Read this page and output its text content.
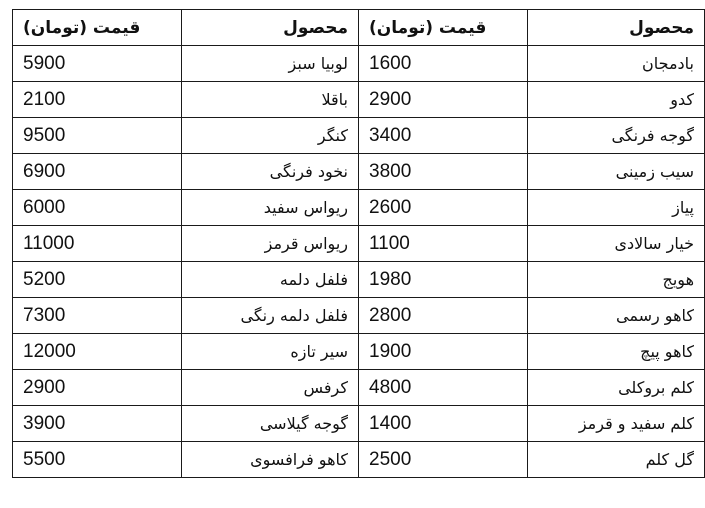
محصول	قیمت (تومان)	محصول	قیمت (تومان)
بادمجان	1600	لوبیا سبز	5900
کدو	2900	باقلا	2100
گوجه فرنگی	3400	کنگر	9500
سیب زمینی	3800	نخود فرنگی	6900
پیاز	2600	ریواس سفید	6000
خیار سالادی	1100	ریواس قرمز	11000
هویج	1980	فلفل دلمه	5200
کاهو رسمی	2800	فلفل دلمه رنگی	7300
کاهو پیچ	1900	سیر تازه	12000
کلم بروکلی	4800	کرفس	2900
کلم سفید و قرمز	1400	گوجه گیلاسی	3900
گل کلم	2500	کاهو فرافسوی	5500
